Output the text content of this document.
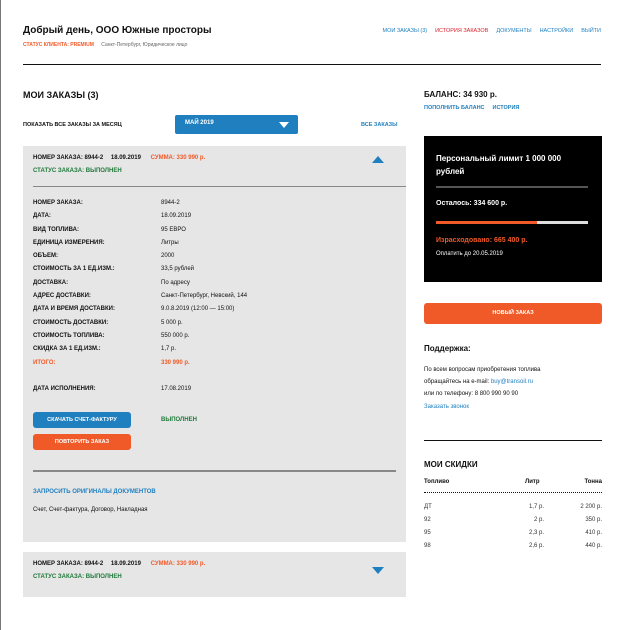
Добрый день, ООО Южные просторы
СТАТУС КЛИЕНТА: PREMIUM Санкт-Петербург, Юридическое лицо
МОИ ЗАКАЗЫ (3) ИСТОРИЯ ЗАКАЗОВ ДОКУМЕНТЫ НАСТРОЙКИ ВЫЙТИ
МОИ ЗАКАЗЫ (3)
ПОКАЗАТЬ ВСЕ ЗАКАЗЫ ЗА МЕСЯЦ	МАЙ 2019	ВСЕ ЗАКАЗЫ
НОМЕР ЗАКАЗА: 8944-2 18.09.2019 СУММА: 330 990 р.
СТАТУС ЗАКАЗА: ВЫПОЛНЕН
НОМЕР ЗАКАЗА:	8944-2
ДАТА:	18.09.2019
ВИД ТОПЛИВА:	95 ЕВРО
ЕДИНИЦА ИЗМЕРЕНИЯ:	Литры
ОБЪЕМ:	2000
СТОИМОСТЬ ЗА 1 ЕД.ИЗМ.:	33,5 рублей
ДОСТАВКА:	По адресу
АДРЕС ДОСТАВКИ:	Санкт-Петербург, Невский, 144
ДАТА И ВРЕМЯ ДОСТАВКИ:	9.0.8.2019 (12:00 — 15:00)
СТОИМОСТЬ ДОСТАВКИ:	5 000 р.
СТОИМОСТЬ ТОПЛИВА:	550 000 р.
СКИДКА ЗА 1 ЕД.ИЗМ.:	1,7 р.
ИТОГО:	330 990 р.
ДАТА ИСПОЛНЕНИЯ:	17.08.2019
СКАЧАТЬ СЧЕТ-ФАКТУРУ	ВЫПОЛНЕН
ПОВТОРИТЬ ЗАКАЗ
ЗАПРОСИТЬ ОРИГИНАЛЫ ДОКУМЕНТОВ
Счет, Счет-фактура, Договор, Накладная
НОМЕР ЗАКАЗА: 8944-2 18.09.2019 СУММА: 330 990 р.
СТАТУС ЗАКАЗА: ВЫПОЛНЕН
БАЛАНС: 34 930 р.
ПОПОЛНИТЬ БАЛАНС ИСТОРИЯ
Персональный лимит 1 000 000 рублей
Осталось: 334 600 р.
Израсходовано: 665 400 р.
Оплатить до 20.05.2019
НОВЫЙ ЗАКАЗ
Поддержка:
По всем вопросам приобретения топлива
обращайтесь на e-mail: buy@transoil.ru
или по телефону: 8 800 990 90 90
Заказать звонок
МОИ СКИДКИ
Топливо	Литр	Тонна
ДТ	1,7 р.	2 200 р.
92	2 р.	350 р.
95	2,3 р.	410 р.
98	2,6 р.	440 р.
